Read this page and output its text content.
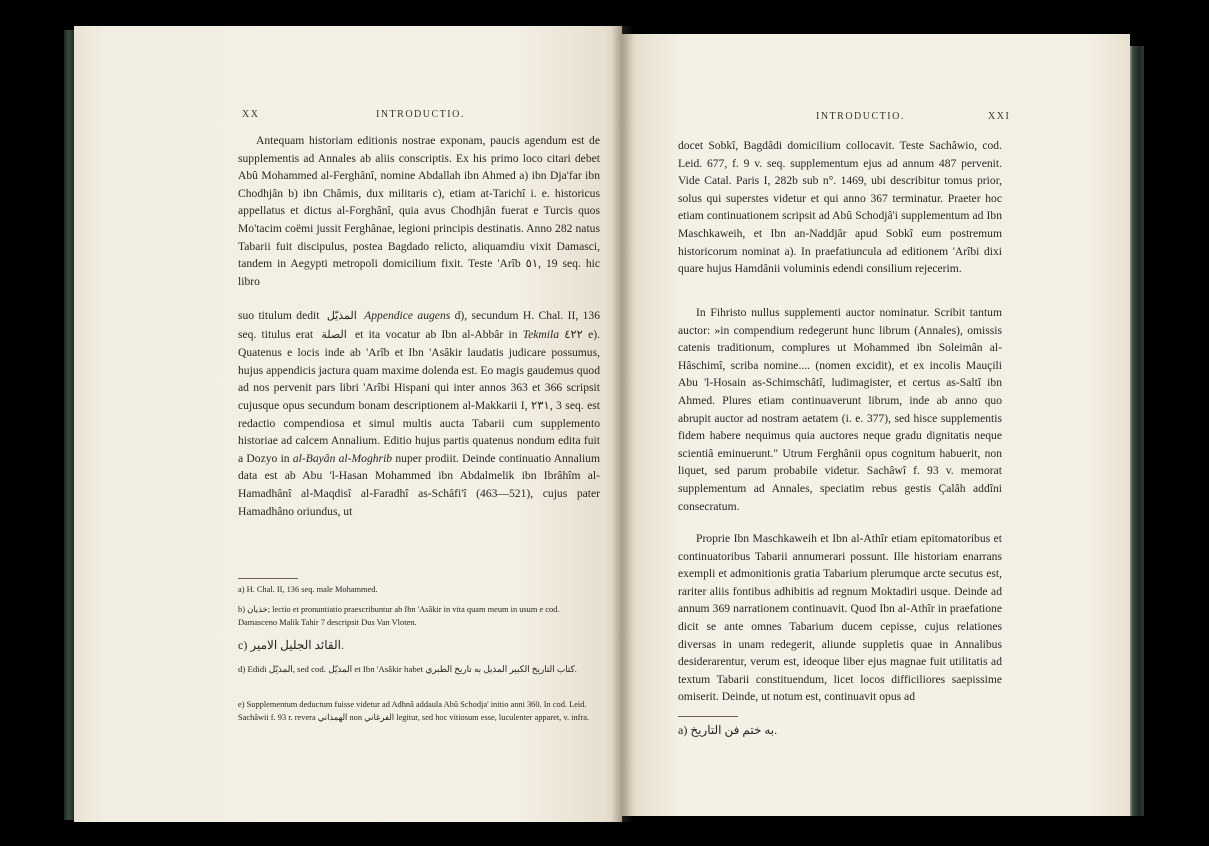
XX	INTRODUCTIO.

Antequam historiam editionis nostrae exponam, paucis agendum est de supplementis ad Annales ab aliis conscriptis. Ex his primo loco citari debet Abû Mohammed al-Ferghânî, nomine Abdallah ibn Ahmed a) ibn Dja'far ibn Chodhjân b) ibn Châmis, dux militaris c), etiam at-Tarichî i. e. historicus appellatus et dictus al-Forghânî, quia avus Chodhjân fuerat e Turcis quos Mo'tacim coëmi jussit Ferghânae, legioni principis destinatis. Anno 282 natus Tabarii fuit discipulus, postea Bagdado relicto, aliquamdiu vixit Damasci, tandem in Aegypti metropoli domicilium fixit. Teste 'Arîb ٥١, 19 seq. hic libro

suo titulum dedit المذيّل Appendice augens d), secundum H. Chal. II, 136 seq. titulus erat الصلة et ita vocatur ab Ibn al-Abbâr in Tekmila ٤٢٢ e). Quatenus e locis inde ab 'Arîb et Ibn 'Asâkir laudatis judicare possumus, hujus appendicis jactura quam maxime dolenda est. Eo magis gaudemus quod ad nos pervenit pars libri 'Arîbi Hispani qui inter annos 363 et 366 scripsit cujusque opus secundum bonam descriptionem al-Makkarii I, ٢٣١, 3 seq. est redactio compendiosa et simul multis aucta Tabarii cum supplemento historiae ad calcem Annalium. Editio hujus partis quatenus nondum edita fuit a Dozyo in al-Bayân al-Moghrib nuper prodiit. Deinde continuatio Annalium data est ab Abu 'l-Hasan Mohammed ibn Abdalmelik ibn Ibrâhîm al-Hamadhânî al-Maqdisî al-Faradhî as-Schâfi'î (463—521), cujus pater Hamadhâno oriundus, ut

a) H. Chal. II, 136 seq. male Mohammed.

b) خذيان; lectio et pronuntiatio praescribuntur ab Ibn 'Asâkir in vita quam meum in usum e cod. Damasceno Malik Tahir 7 descripsit Dus Van Vloten.

c) القائد الجليل الامير.

d) Edidi المذيّل, sed cod. المذيّل et Ibn 'Asâkir habet كتاب التاريخ الكبير المذيل به تاريخ الطبري.

e) Supplementum deductum fuisse videtur ad Adhnâ addaula Abû Schodja' initio anni 360. In cod. Leid. Sachâwii f. 93 r. revera الهمذاني non الفرغاني legitur, sed hoc vitiosum esse, luculenter apparet, v. infra.

INTRODUCTIO.	XXI

docet Sobkî, Bagdâdi domicilium collocavit. Teste Sachâwio, cod. Leid. 677, f. 9 v. seq. supplementum ejus ad annum 487 pervenit. Vide Catal. Paris I, 282b sub n°. 1469, ubi describitur tomus prior, solus qui superstes videtur et qui anno 367 terminatur. Praeter hoc etiam continuationem scripsit ad Abû Schodjâ'i supplementum ad Ibn Maschkaweih, et Ibn an-Naddjâr apud Sobkî eum postremum historicorum nominat a). In praefatiuncula ad editionem 'Arîbi dixi quare hujus Hamdânii voluminis edendi consilium rejecerim.

In Fihristo nullus supplementi auctor nominatur. Scribit tantum auctor: »in compendium redegerunt hunc librum (Annales), omissis catenis traditionum, complures ut Mohammed ibn Soleimân al-Hâschimî, scriba nomine.... (nomen excidit), et ex incolis Mauçili Abu 'l-Hosain as-Schimschâtî, ludimagister, et certus as-Saltî ibn Ahmed. Plures etiam continuaverunt librum, inde ab anno quo abrupit auctor ad nostram aetatem (i. e. 377), sed hisce supplementis fidem habere nequimus quia auctores neque gradu dignitatis neque scientiâ eminuerunt." Utrum Ferghânii opus cognitum habuerit, non liquet, sed parum probabile videtur. Sachâwî f. 93 v. memorat supplementum ad Annales, speciatim rebus gestis Çalâh addîni consecratum.

Proprie Ibn Maschkaweih et Ibn al-Athîr etiam epitomatoribus et continuatoribus Tabarii annumerari possunt. Ille historiam enarrans exempli et admonitionis gratia Tabarium plerumque arcte secutus est, rariter aliis fontibus adhibitis ad regnum Moktadiri usque. Deinde ad annum 369 narrationem continuavit. Quod Ibn al-Athîr in praefatione dicit se ante omnes Tabarium ducem cepisse, cujus relationes diversas in unam redegerit, aliunde suppletis quae in Annalibus desiderarentur, verum est, ideoque liber ejus magnae fuit utilitatis ad textum Tabarii constituendum, licet locos difficiliores saepissime omiserit. Deinde, ut notum est, continuavit opus ad

a) به ختم فن التاريخ.
